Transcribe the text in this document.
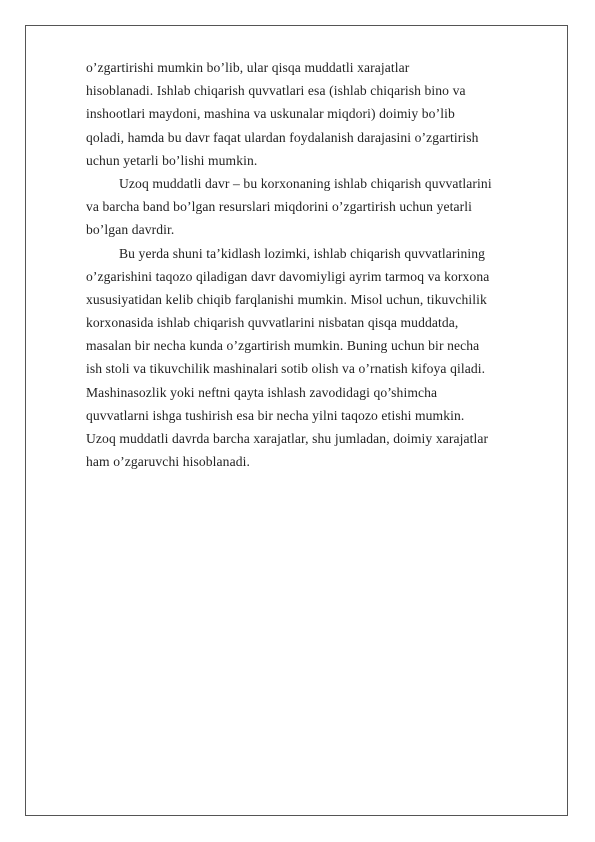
o’zgartirishi mumkin bo’lib, ular qisqa muddatli xarajatlar
hisoblanadi. Ishlab chiqarish quvvatlari esa (ishlab chiqarish bino va
inshootlari maydoni, mashina va uskunalar miqdori) doimiy bo’lib
qoladi, hamda bu davr faqat ulardan foydalanish darajasini o’zgartirish
uchun yetarli bo’lishi mumkin.
Uzoq muddatli davr – bu korxonaning ishlab chiqarish quvvatlarini
va barcha band bo’lgan resurslari miqdorini o’zgartirish uchun yetarli
bo’lgan davrdir.
Bu yerda shuni ta’kidlash lozimki, ishlab chiqarish quvvatlarining
o’zgarishini taqozo qiladigan davr davomiyligi ayrim tarmoq va korxona
xususiyatidan kelib chiqib farqlanishi mumkin. Misol uchun, tikuvchilik
korxonasida ishlab chiqarish quvvatlarini nisbatan qisqa muddatda,
masalan bir necha kunda o’zgartirish mumkin. Buning uchun bir necha
ish stoli va tikuvchilik mashinalari sotib olish va o’rnatish kifoya qiladi.
Mashinasozlik yoki neftni qayta ishlash zavodidagi qo’shimcha
quvvatlarni ishga tushirish esa bir necha yilni taqozo etishi mumkin.
Uzoq muddatli davrda barcha xarajatlar, shu jumladan, doimiy xarajatlar
ham o’zgaruvchi hisoblanadi.
